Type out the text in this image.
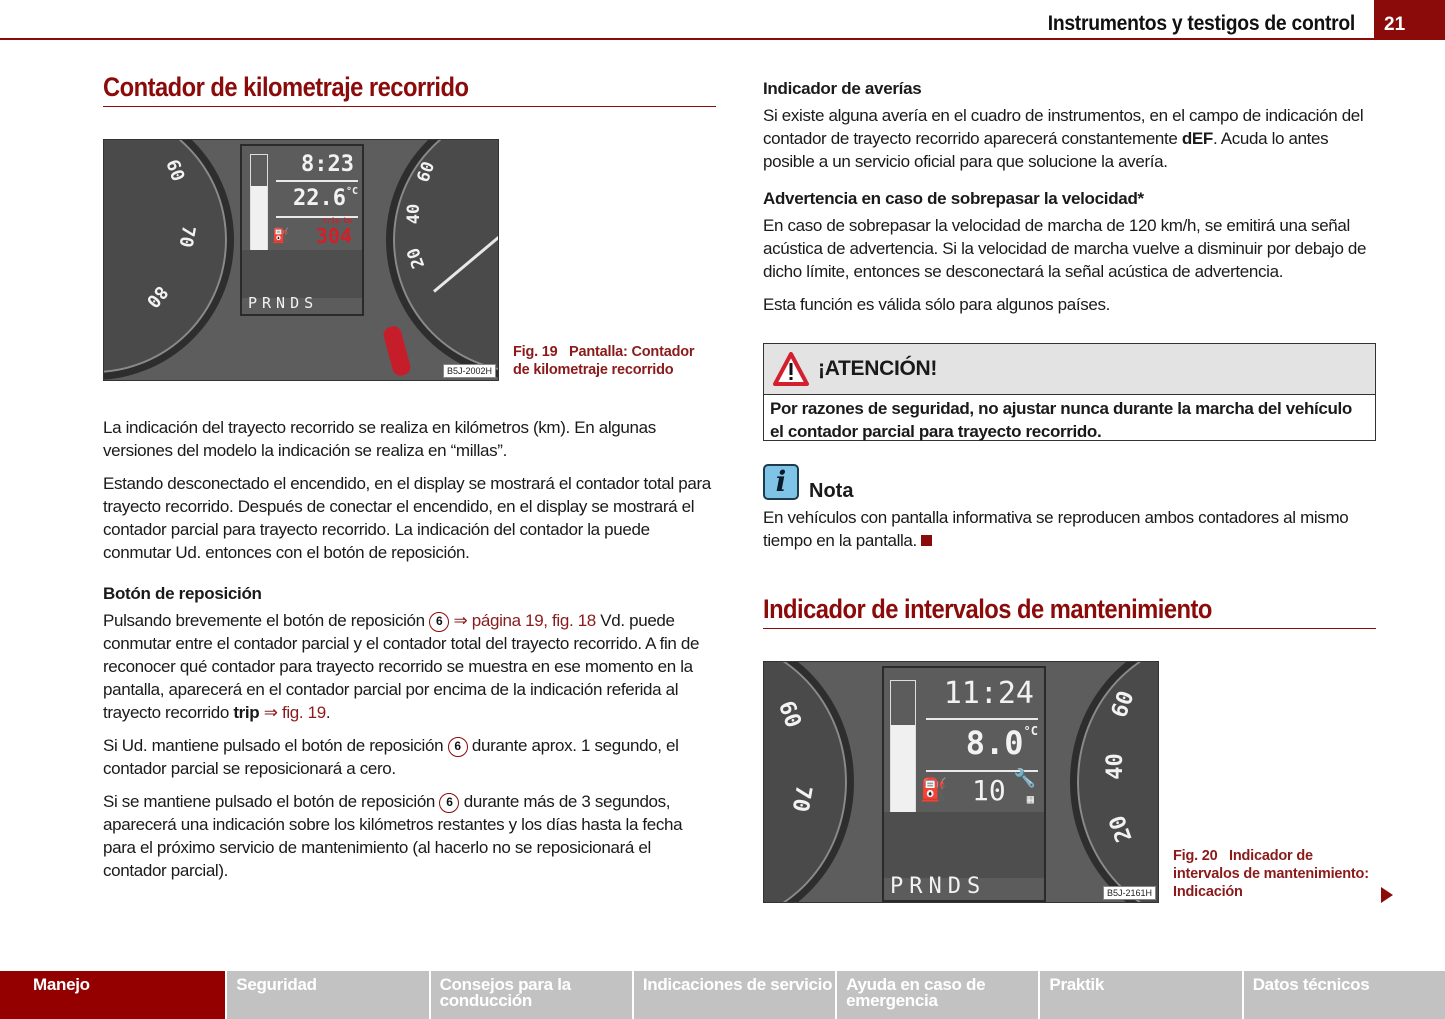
Instrumentos y testigos de control	21
Contador de kilometraje recorrido
60
70
80
8:23
$22.6^{^\circ C}$
trip km
304
⛽
PRNDS
60
40
20
B5J-2002H
Fig. 19 Pantalla: Contador de kilometraje recorrido

La indicación del trayecto recorrido se realiza en kilómetros (km). En algunas versiones del modelo la indicación se realiza en “millas”.

Estando desconectado el encendido, en el display se mostrará el contador total para trayecto recorrido. Después de conectar el encendido, en el display se mostrará el contador parcial para trayecto recorrido. La indicación del contador la puede conmutar Ud. entonces con el botón de reposición.

Botón de reposición

Pulsando brevemente el botón de reposición 6 ⇒ página 19, fig. 18 Vd. puede conmutar entre el contador parcial y el contador total del trayecto recorrido. A fin de reconocer qué contador para trayecto recorrido se muestra en ese momento en la pantalla, aparecerá en el contador parcial por encima de la indicación referida al trayecto recorrido trip ⇒ fig. 19.

Si Ud. mantiene pulsado el botón de reposición 6 durante aprox. 1 segundo, el contador parcial se reposicionará a cero.

Si se mantiene pulsado el botón de reposición 6 durante más de 3 segundos, aparecerá una indicación sobre los kilómetros restantes y los días hasta la fecha para el próximo servicio de mantenimiento (al hacerlo no se reposicionará el contador parcial).

Indicador de averías

Si existe alguna avería en el cuadro de instrumentos, en el campo de indicación del contador de trayecto recorrido aparecerá constantemente dEF. Acuda lo antes posible a un servicio oficial para que solucione la avería.

Advertencia en caso de sobrepasar la velocidad*

En caso de sobrepasar la velocidad de marcha de 120 km/h, se emitirá una señal acústica de advertencia. Si la velocidad de marcha vuelve a disminuir por debajo de dicho límite, entonces se desconectará la señal acústica de advertencia.

Esta función es válida sólo para algunos países.

¡ATENCIÓN!
Por razones de seguridad, no ajustar nunca durante la marcha del vehículo el contador parcial para trayecto recorrido.
i	Nota

En vehículos con pantalla informativa se reproducen ambos contadores al mismo tiempo en la pantalla.

Indicador de intervalos de mantenimiento
60
70
11:24
$8.0^{^\circ C}$
⛽ 10 🔧
▦
PRNDS
60
40
20
B5J-2161H
Fig. 20 Indicador de intervalos de mantenimiento: Indicación
Manejo	Seguridad	Consejos para la conducción
Indicaciones de servicio Ayuda en caso de emergencia
Praktik	Datos técnicos
